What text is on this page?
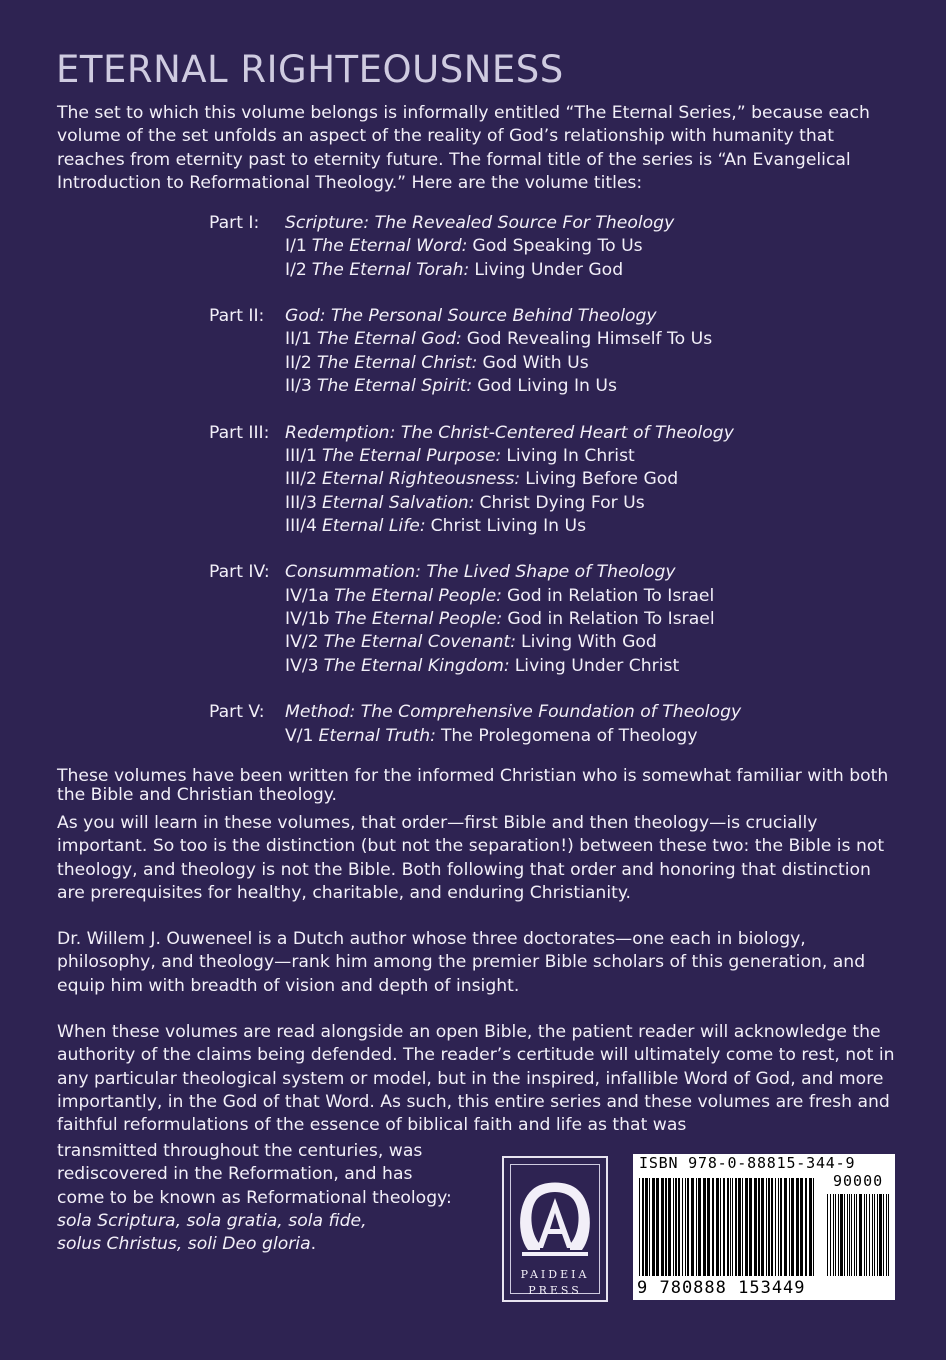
ETERNAL RIGHTEOUSNESS

The set to which this volume belongs is informally entitled “The Eternal Series,” because each volume of the set unfolds an aspect of the reality of God’s relationship with humanity that reaches from eternity past to eternity future. The formal title of the series is “An Evangelical Introduction to Reformational Theology.” Here are the volume titles:

Part I:	Scripture: The Revealed Source For Theology
I/1 The Eternal Word: God Speaking To Us
I/2 The Eternal Torah: Living Under God
Part II:	God: The Personal Source Behind Theology
II/1 The Eternal God: God Revealing Himself To Us
II/2 The Eternal Christ: God With Us
II/3 The Eternal Spirit: God Living In Us
Part III: Redemption: The Christ-Centered Heart of Theology
III/1 The Eternal Purpose: Living In Christ
III/2 Eternal Righteousness: Living Before God
III/3 Eternal Salvation: Christ Dying For Us
III/4 Eternal Life: Christ Living In Us
Part IV: Consummation: The Lived Shape of Theology
IV/1a The Eternal People: God in Relation To Israel
IV/1b The Eternal People: God in Relation To Israel
IV/2 The Eternal Covenant: Living With God
IV/3 The Eternal Kingdom: Living Under Christ
Part V:	Method: The Comprehensive Foundation of Theology
V/1 Eternal Truth: The Prolegomena of Theology

These volumes have been written for the informed Christian who is somewhat familiar with both the Bible and Christian theology.

As you will learn in these volumes, that order—first Bible and then theology—is crucially important. So too is the distinction (but not the separation!) between these two: the Bible is not theology, and theology is not the Bible. Both following that order and honoring that distinction are prerequisites for healthy, charitable, and enduring Christianity.

Dr. Willem J. Ouweneel is a Dutch author whose three doctorates—one each in biology, philosophy, and theology—rank him among the premier Bible scholars of this generation, and equip him with breadth of vision and depth of insight.

When these volumes are read alongside an open Bible, the patient reader will acknowledge the authority of the claims being defended. The reader’s certitude will ultimately come to rest, not in any particular theological system or model, but in the inspired, infallible Word of God, and more importantly, in the God of that Word. As such, this entire series and these volumes are fresh and faithful reformulations of the essence of biblical faith and life as that was

transmitted throughout the centuries, was
rediscovered in the Reformation, and has
come to be known as Reformational theology:
sola Scriptura, sola gratia, sola fide,
solus Christus, soli Deo gloria.
PAIDEIA
PRESS
ISBN 978-0-88815-344-9
90000
9 780888 153449
